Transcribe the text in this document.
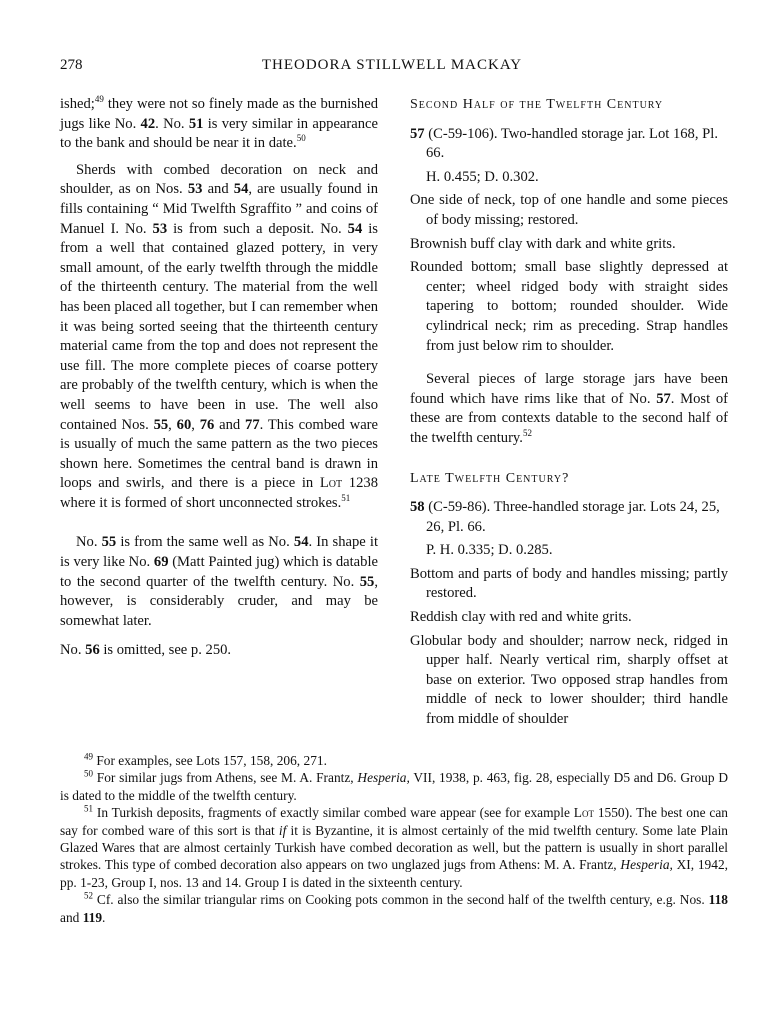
278	THEODORA STILLWELL MACKAY

ished;$^{49}$ they were not so finely made as the burnished jugs like No. 42. No. 51 is very similar in appearance to the bank and should be near it in date.$^{50}$

Sherds with combed decoration on neck and shoulder, as on Nos. 53 and 54, are usually found in fills containing “ Mid Twelfth Sgraffito ” and coins of Manuel I. No. 53 is from such a deposit. No. 54 is from a well that contained glazed pottery, in very small amount, of the early twelfth through the middle of the thirteenth century. The material from the well has been placed all together, but I can remember when it was being sorted seeing that the thirteenth century material came from the top and does not represent the use fill. The more complete pieces of coarse pottery are probably of the twelfth century, which is when the well seems to have been in use. The well also contained Nos. 55, 60, 76 and 77. This combed ware is usually of much the same pattern as the two pieces shown here. Sometimes the central band is drawn in loops and swirls, and there is a piece in Lot 1238 where it is formed of short unconnected strokes.$^{51}$

No. 55 is from the same well as No. 54. In shape it is very like No. 69 (Matt Painted jug) which is datable to the second quarter of the twelfth century. No. 55, however, is considerably cruder, and may be somewhat later.

No. 56 is omitted, see p. 250.

Second Half of the Twelfth Century

57 (C-59-106). Two-handled storage jar. Lot 168, Pl. 66.

H. 0.455; D. 0.302.

One side of neck, top of one handle and some pieces of body missing; restored.

Brownish buff clay with dark and white grits.

Rounded bottom; small base slightly depressed at center; wheel ridged body with straight sides tapering to bottom; rounded shoulder. Wide cylindrical neck; rim as preceding. Strap handles from just below rim to shoulder.

Several pieces of large storage jars have been found which have rims like that of No. 57. Most of these are from contexts datable to the second half of the twelfth century.$^{52}$

Late Twelfth Century?

58 (C-59-86). Three-handled storage jar. Lots 24, 25, 26, Pl. 66.

P. H. 0.335; D. 0.285.

Bottom and parts of body and handles missing; partly restored.

Reddish clay with red and white grits.

Globular body and shoulder; narrow neck, ridged in upper half. Nearly vertical rim, sharply offset at base on exterior. Two opposed strap handles from middle of neck to lower shoulder; third handle from middle of shoulder

$^{49}$ For examples, see Lots 157, 158, 206, 271.

$^{50}$ For similar jugs from Athens, see M. A. Frantz, Hesperia, VII, 1938, p. 463, fig. 28, especially D5 and D6. Group D is dated to the middle of the twelfth century.

$^{51}$ In Turkish deposits, fragments of exactly similar combed ware appear (see for example Lot 1550). The best one can say for combed ware of this sort is that if it is Byzantine, it is almost certainly of the mid twelfth century. Some late Plain Glazed Wares that are almost certainly Turkish have combed decoration as well, but the pattern is usually in short parallel strokes. This type of combed decoration also appears on two unglazed jugs from Athens: M. A. Frantz, Hesperia, XI, 1942, pp. 1-23, Group I, nos. 13 and 14. Group I is dated in the sixteenth century.

$^{52}$ Cf. also the similar triangular rims on Cooking pots common in the second half of the twelfth century, e.g. Nos. 118 and 119.
